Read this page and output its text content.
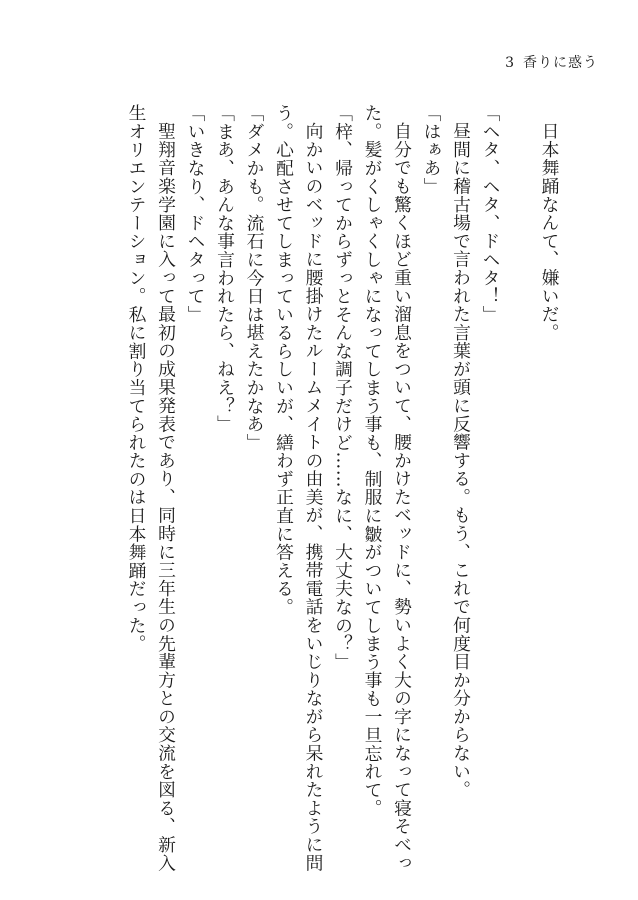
3 香りに惑う
日本舞踊なんて、嫌いだ。
「ヘタ、ヘタ、ドヘタ！」
昼間に稽古場で言われた言葉が頭に反響する。もう、これで何度目か分からない。
「はぁあ」
自分でも驚くほど重い溜息をついて、腰かけたベッドに、勢いよく大の字になって寝そべっ
た。髪がくしゃくしゃになってしまう事も、制服に皺がついてしまう事も一旦忘れて。
「梓、帰ってからずっとそんな調子だけど……なに、大丈夫なの？」
向かいのベッドに腰掛けたルームメイトの由美が、携帯電話をいじりながら呆れたように問
う。心配させてしまっているらしいが、繕わず正直に答える。
「ダメかも。流石に今日は堪えたかなあ」
「まあ、あんな事言われたら、ねえ？」
「いきなり、ドヘタって」
聖翔音楽学園に入って最初の成果発表であり、同時に三年生の先輩方との交流を図る、新入
生オリエンテーション。私に割り当てられたのは日本舞踊だった。
